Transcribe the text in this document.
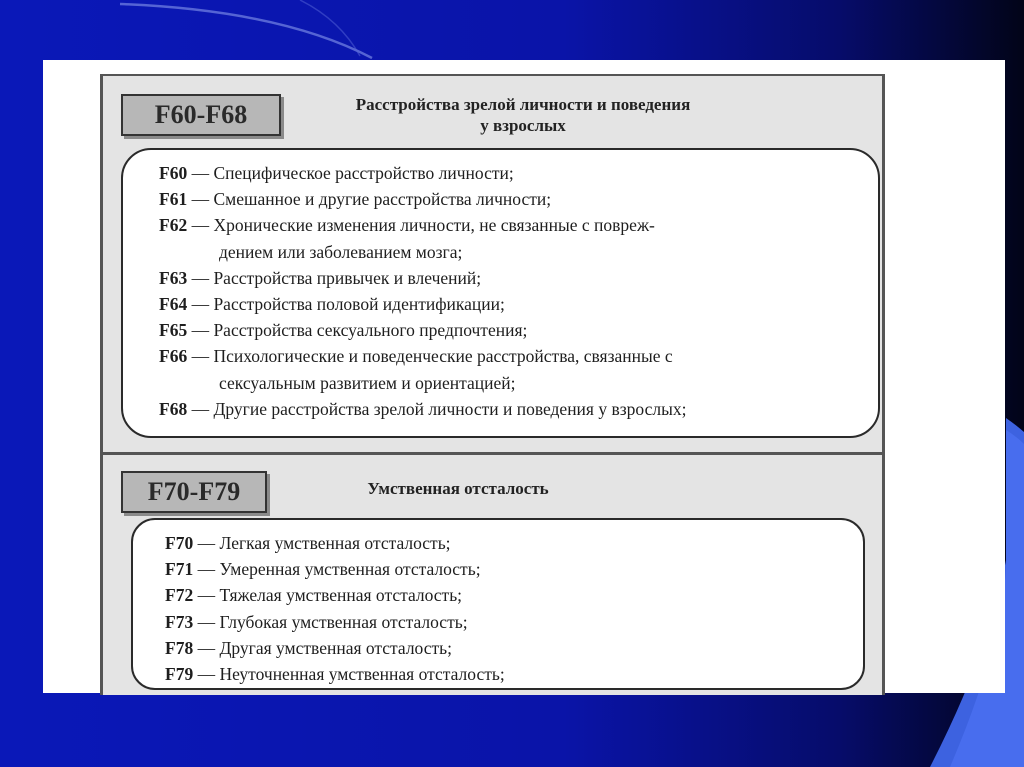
F60-F68	Расстройства зрелой личности и поведения
у взрослых
F60 — Специфическое расстройство личности;
F61 — Смешанное и другие расстройства личности;
F62 — Хронические изменения личности, не связанные с повреж-
дением или заболеванием мозга;
F63 — Расстройства привычек и влечений;
F64 — Расстройства половой идентификации;
F65 — Расстройства сексуального предпочтения;
F66 — Психологические и поведенческие расстройства, связанные с
сексуальным развитием и ориентацией;
F68 — Другие расстройства зрелой личности и поведения у взрослых;
F70-F79	Умственная отсталость
F70 — Легкая умственная отсталость;
F71 — Умеренная умственная отсталость;
F72 — Тяжелая умственная отсталость;
F73 — Глубокая умственная отсталость;
F78 — Другая умственная отсталость;
F79 — Неуточненная умственная отсталость;
